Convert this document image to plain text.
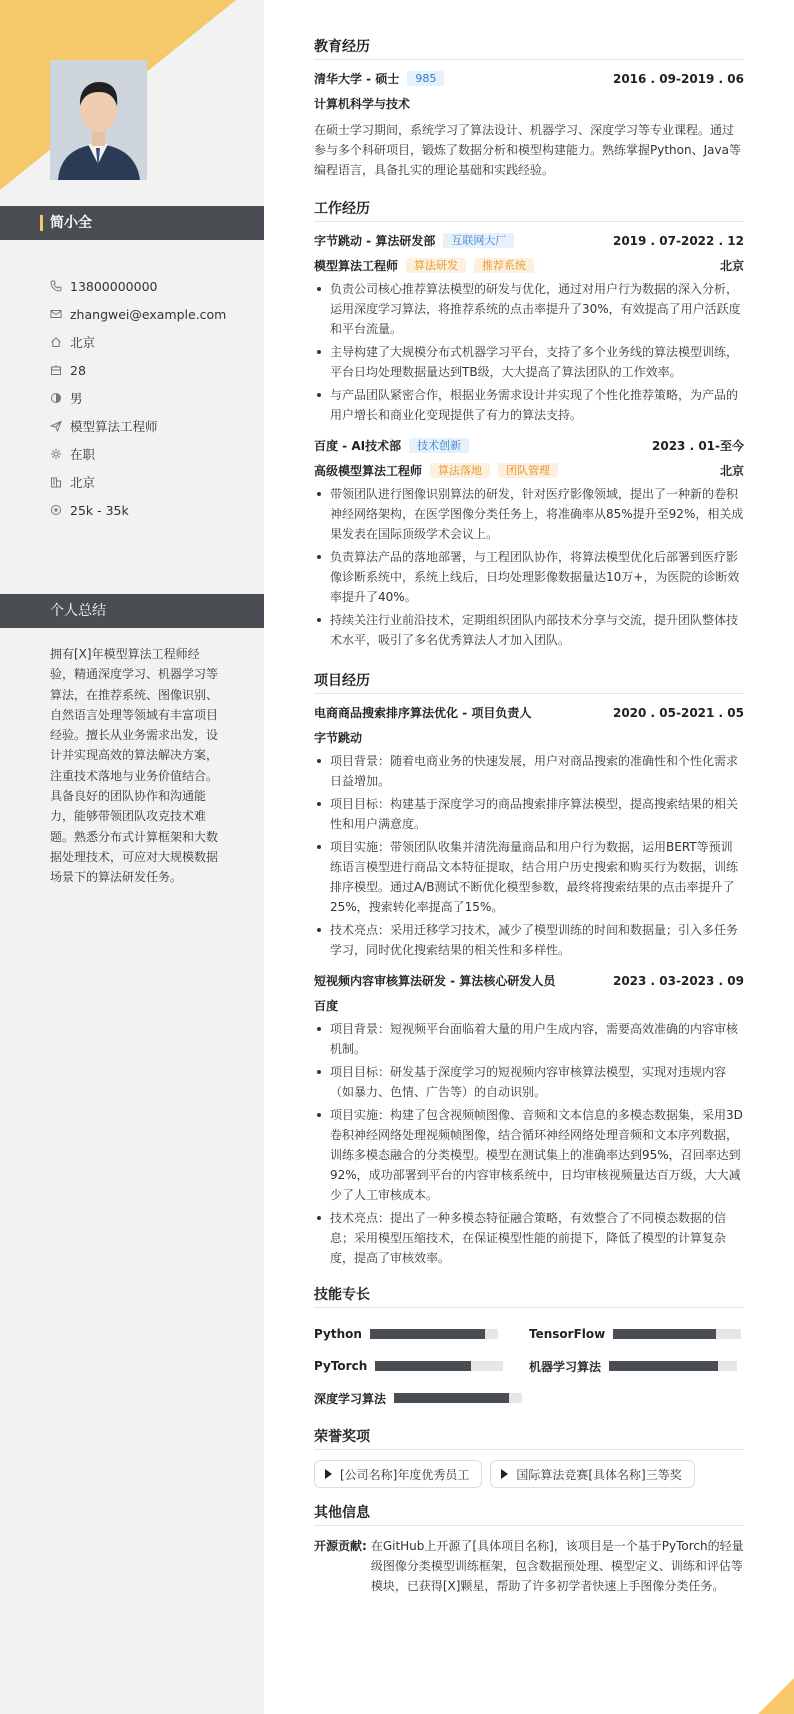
简小全
13800000000
zhangwei@example.com
北京
28
男
模型算法工程师
在职
北京
25k - 35k
个人总结
拥有[X]年模型算法工程师经验，精通深度学习、机器学习等算法，在推荐系统、图像识别、自然语言处理等领域有丰富项目经验。擅长从业务需求出发，设计并实现高效的算法解决方案，注重技术落地与业务价值结合。具备良好的团队协作和沟通能力，能够带领团队攻克技术难题。熟悉分布式计算框架和大数据处理技术，可应对大规模数据场景下的算法研发任务。
教育经历
清华大学 - 硕士	985	2016 . 09-2019 . 06
计算机科学与技术
在硕士学习期间，系统学习了算法设计、机器学习、深度学习等专业课程。通过参与多个科研项目，锻炼了数据分析和模型构建能力。熟练掌握Python、Java等编程语言，具备扎实的理论基础和实践经验。
工作经历
字节跳动 - 算法研发部	互联网大厂	2019 . 07-2022 . 12
模型算法工程师	算法研发	推荐系统	北京
负责公司核心推荐算法模型的研发与优化，通过对用户行为数据的深入分析，运用深度学习算法，将推荐系统的点击率提升了30%，有效提高了用户活跃度和平台流量。
主导构建了大规模分布式机器学习平台，支持了多个业务线的算法模型训练，平台日均处理数据量达到TB级，大大提高了算法团队的工作效率。
与产品团队紧密合作，根据业务需求设计并实现了个性化推荐策略，为产品的用户增长和商业化变现提供了有力的算法支持。
百度 - AI技术部	技术创新	2023 . 01-至今
高级模型算法工程师	算法落地	团队管理	北京
带领团队进行图像识别算法的研发，针对医疗影像领域，提出了一种新的卷积神经网络架构，在医学图像分类任务上，将准确率从85%提升至92%，相关成果发表在国际顶级学术会议上。
负责算法产品的落地部署，与工程团队协作，将算法模型优化后部署到医疗影像诊断系统中，系统上线后，日均处理影像数据量达10万+，为医院的诊断效率提升了40%。
持续关注行业前沿技术，定期组织团队内部技术分享与交流，提升团队整体技术水平，吸引了多名优秀算法人才加入团队。
项目经历
电商商品搜索排序算法优化 - 项目负责人	2020 . 05-2021 . 05
字节跳动
项目背景：随着电商业务的快速发展，用户对商品搜索的准确性和个性化需求日益增加。
项目目标：构建基于深度学习的商品搜索排序算法模型，提高搜索结果的相关性和用户满意度。
项目实施：带领团队收集并清洗海量商品和用户行为数据，运用BERT等预训练语言模型进行商品文本特征提取，结合用户历史搜索和购买行为数据，训练排序模型。通过A/B测试不断优化模型参数，最终将搜索结果的点击率提升了25%，搜索转化率提高了15%。
技术亮点：采用迁移学习技术，减少了模型训练的时间和数据量；引入多任务学习，同时优化搜索结果的相关性和多样性。
短视频内容审核算法研发 - 算法核心研发人员	2023 . 03-2023 . 09
百度
项目背景：短视频平台面临着大量的用户生成内容，需要高效准确的内容审核机制。
项目目标：研发基于深度学习的短视频内容审核算法模型，实现对违规内容（如暴力、色情、广告等）的自动识别。
项目实施：构建了包含视频帧图像、音频和文本信息的多模态数据集，采用3D卷积神经网络处理视频帧图像，结合循环神经网络处理音频和文本序列数据，训练多模态融合的分类模型。模型在测试集上的准确率达到95%，召回率达到92%，成功部署到平台的内容审核系统中，日均审核视频量达百万级，大大减少了人工审核成本。
技术亮点：提出了一种多模态特征融合策略，有效整合了不同模态数据的信息；采用模型压缩技术，在保证模型性能的前提下，降低了模型的计算复杂度，提高了审核效率。
技能专长
Python	TensorFlow
PyTorch	机器学习算法
深度学习算法
荣誉奖项
[公司名称]年度优秀员工	国际算法竞赛[具体名称]三等奖
其他信息
开源贡献: 在GitHub上开源了[具体项目名称]，该项目是一个基于PyTorch的轻量级图像分类模型训练框架，包含数据预处理、模型定义、训练和评估等模块，已获得[X]颗星，帮助了许多初学者快速上手图像分类任务。
